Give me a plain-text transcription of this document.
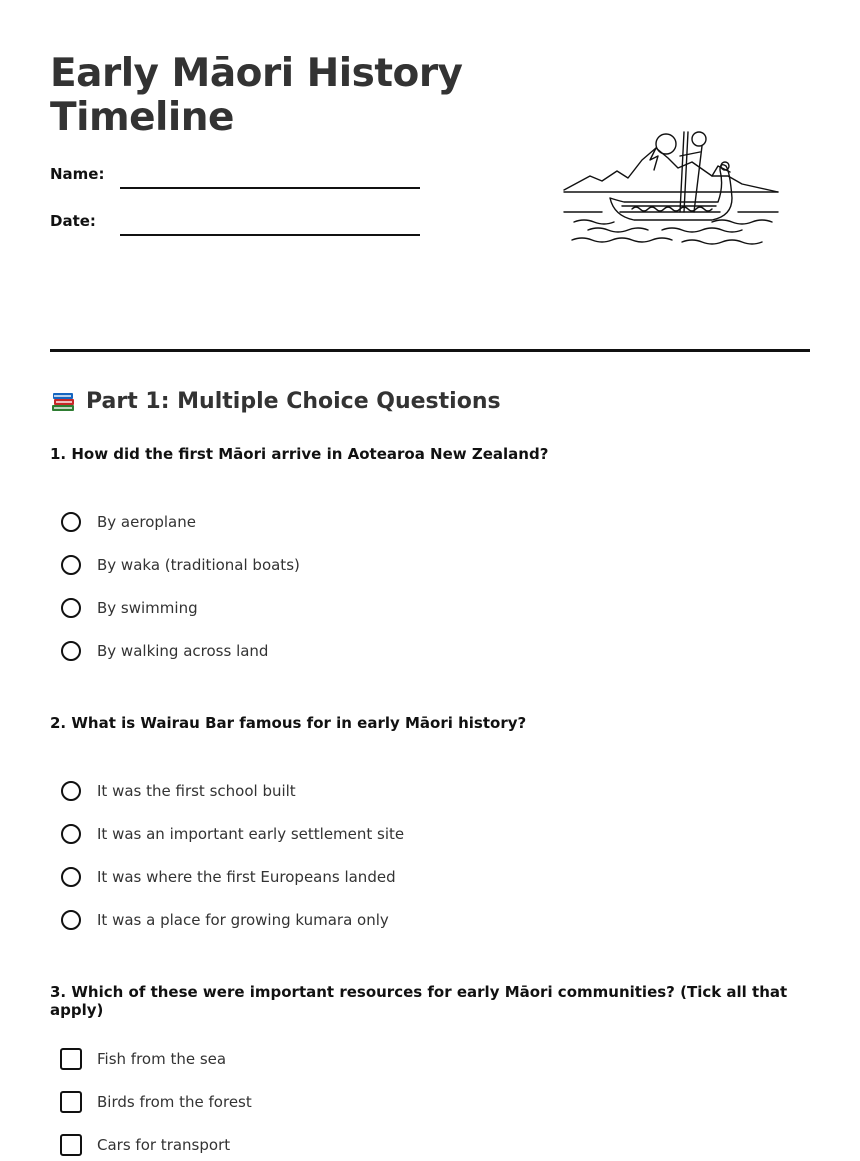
Early Māori History
Timeline
Name:
Date:
Part 1: Multiple Choice Questions

1. How did the first Māori arrive in Aotearoa New Zealand?

By aeroplane
By waka (traditional boats)
By swimming
By walking across land

2. What is Wairau Bar famous for in early Māori history?

It was the first school built
It was an important early settlement site
It was where the first Europeans landed
It was a place for growing kumara only

3. Which of these were important resources for early Māori communities? (Tick all that apply)

Fish from the sea
Birds from the forest
Cars for transport
